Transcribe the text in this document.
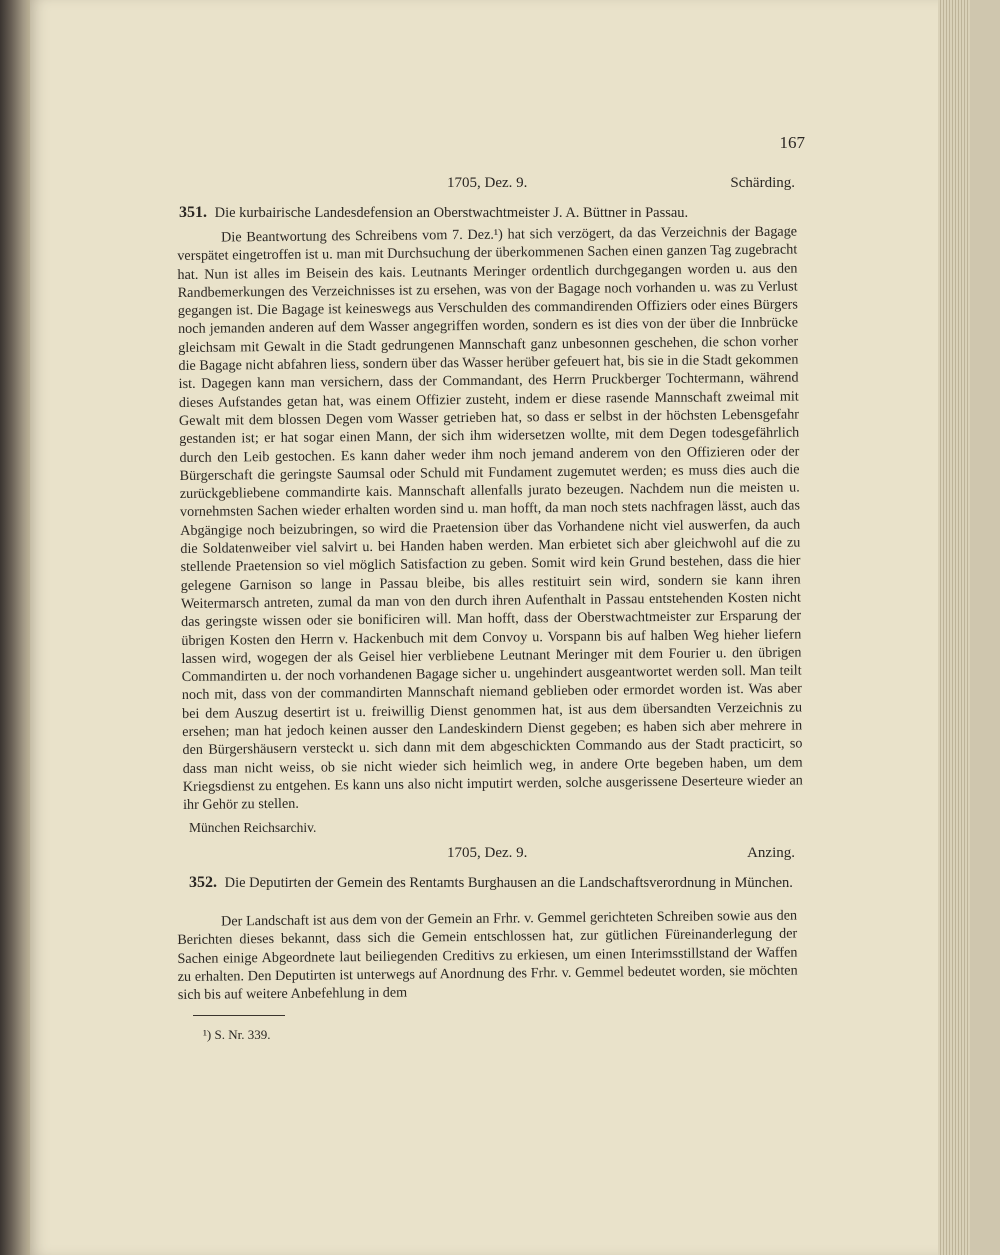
167
1705, Dez. 9.	Schärding.
351. Die kurbairische Landesdefension an Oberstwachtmeister J. A. Büttner in Passau.
Die Beantwortung des Schreibens vom 7. Dez.¹) hat sich verzögert, da das Verzeichnis der Bagage verspätet eingetroffen ist u. man mit Durchsuchung der überkommenen Sachen einen ganzen Tag zugebracht hat. Nun ist alles im Beisein des kais. Leutnants Meringer ordentlich durchgegangen worden u. aus den Randbemerkungen des Verzeichnisses ist zu ersehen, was von der Bagage noch vorhanden u. was zu Verlust gegangen ist. Die Bagage ist keineswegs aus Verschulden des commandirenden Offiziers oder eines Bürgers noch jemanden anderen auf dem Wasser angegriffen worden, sondern es ist dies von der über die Innbrücke gleichsam mit Gewalt in die Stadt gedrungenen Mannschaft ganz unbesonnen geschehen, die schon vorher die Bagage nicht abfahren liess, sondern über das Wasser herüber gefeuert hat, bis sie in die Stadt gekommen ist. Dagegen kann man versichern, dass der Commandant, des Herrn Pruckberger Tochtermann, während dieses Aufstandes getan hat, was einem Offizier zusteht, indem er diese rasende Mannschaft zweimal mit Gewalt mit dem blossen Degen vom Wasser getrieben hat, so dass er selbst in der höchsten Lebensgefahr gestanden ist; er hat sogar einen Mann, der sich ihm widersetzen wollte, mit dem Degen todesgefährlich durch den Leib gestochen. Es kann daher weder ihm noch jemand anderem von den Offizieren oder der Bürgerschaft die geringste Saumsal oder Schuld mit Fundament zugemutet werden; es muss dies auch die zurückgebliebene commandirte kais. Mannschaft allenfalls jurato bezeugen. Nachdem nun die meisten u. vornehmsten Sachen wieder erhalten worden sind u. man hofft, da man noch stets nachfragen lässt, auch das Abgängige noch beizubringen, so wird die Praetension über das Vorhandene nicht viel auswerfen, da auch die Soldatenweiber viel salvirt u. bei Handen haben werden. Man erbietet sich aber gleichwohl auf die zu stellende Praetension so viel möglich Satisfaction zu geben. Somit wird kein Grund bestehen, dass die hier gelegene Garnison so lange in Passau bleibe, bis alles restituirt sein wird, sondern sie kann ihren Weitermarsch antreten, zumal da man von den durch ihren Aufenthalt in Passau entstehenden Kosten nicht das geringste wissen oder sie bonificiren will. Man hofft, dass der Oberstwachtmeister zur Ersparung der übrigen Kosten den Herrn v. Hackenbuch mit dem Convoy u. Vorspann bis auf halben Weg hieher liefern lassen wird, wogegen der als Geisel hier verbliebene Leutnant Meringer mit dem Fourier u. den übrigen Commandirten u. der noch vorhandenen Bagage sicher u. ungehindert ausgeantwortet werden soll. Man teilt noch mit, dass von der commandirten Mannschaft niemand geblieben oder ermordet worden ist. Was aber bei dem Auszug desertirt ist u. freiwillig Dienst genommen hat, ist aus dem übersandten Verzeichnis zu ersehen; man hat jedoch keinen ausser den Landeskindern Dienst gegeben; es haben sich aber mehrere in den Bürgershäusern versteckt u. sich dann mit dem abgeschickten Commando aus der Stadt practicirt, so dass man nicht weiss, ob sie nicht wieder sich heimlich weg, in andere Orte begeben haben, um dem Kriegsdienst zu entgehen. Es kann uns also nicht imputirt werden, solche ausgerissene Deserteure wieder an ihr Gehör zu stellen.
München Reichsarchiv.
1705, Dez. 9.	Anzing.
352. Die Deputirten der Gemein des Rentamts Burghausen an die Landschaftsverordnung in München.
Der Landschaft ist aus dem von der Gemein an Frhr. v. Gemmel gerichteten Schreiben sowie aus den Berichten dieses bekannt, dass sich die Gemein entschlossen hat, zur gütlichen Füreinanderlegung der Sachen einige Abgeordnete laut beiliegenden Creditivs zu erkiesen, um einen Interimsstillstand der Waffen zu erhalten. Den Deputirten ist unterwegs auf Anordnung des Frhr. v. Gemmel bedeutet worden, sie möchten sich bis auf weitere Anbefehlung in dem
¹) S. Nr. 339.
